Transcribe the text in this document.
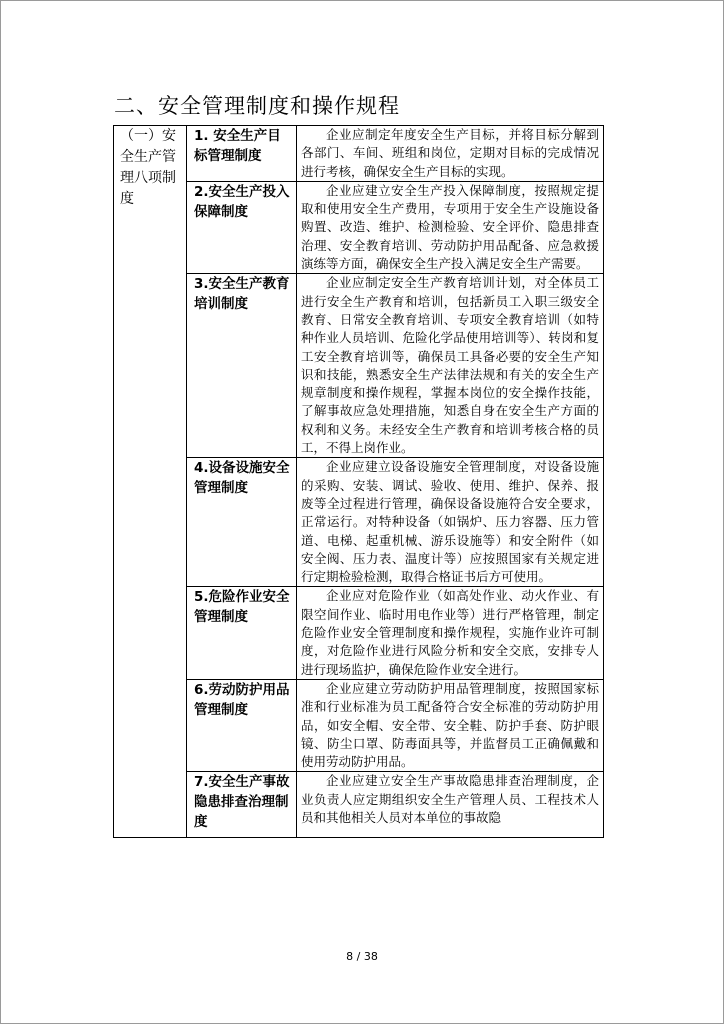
二、安全管理制度和操作规程
（一）安全生产管理八项制度	1. 安全生产目标管理制度	企业应制定年度安全生产目标，并将目标分解到各部门、车间、班组和岗位，定期对目标的完成情况进行考核，确保安全生产目标的实现。
	2.安全生产投入保障制度	企业应建立安全生产投入保障制度，按照规定提取和使用安全生产费用，专项用于安全生产设施设备购置、改造、维护、检测检验、安全评价、隐患排查治理、安全教育培训、劳动防护用品配备、应急救援演练等方面，确保安全生产投入满足安全生产需要。
	3.安全生产教育培训制度	企业应制定安全生产教育培训计划，对全体员工进行安全生产教育和培训，包括新员工入职三级安全教育、日常安全教育培训、专项安全教育培训（如特种作业人员培训、危险化学品使用培训等）、转岗和复工安全教育培训等，确保员工具备必要的安全生产知识和技能，熟悉安全生产法律法规和有关的安全生产规章制度和操作规程，掌握本岗位的安全操作技能，了解事故应急处理措施，知悉自身在安全生产方面的权利和义务。未经安全生产教育和培训考核合格的员工，不得上岗作业。
	4.设备设施安全管理制度	企业应建立设备设施安全管理制度，对设备设施的采购、安装、调试、验收、使用、维护、保养、报废等全过程进行管理，确保设备设施符合安全要求，正常运行。对特种设备（如锅炉、压力容器、压力管道、电梯、起重机械、游乐设施等）和安全附件（如安全阀、压力表、温度计等）应按照国家有关规定进行定期检验检测，取得合格证书后方可使用。
	5.危险作业安全管理制度	企业应对危险作业（如高处作业、动火作业、有限空间作业、临时用电作业等）进行严格管理，制定危险作业安全管理制度和操作规程，实施作业许可制度，对危险作业进行风险分析和安全交底，安排专人进行现场监护，确保危险作业安全进行。
	6.劳动防护用品管理制度	企业应建立劳动防护用品管理制度，按照国家标准和行业标准为员工配备符合安全标准的劳动防护用品，如安全帽、安全带、安全鞋、防护手套、防护眼镜、防尘口罩、防毒面具等，并监督员工正确佩戴和使用劳动防护用品。
	7.安全生产事故隐患排查治理制度	企业应建立安全生产事故隐患排查治理制度，企业负责人应定期组织安全生产管理人员、工程技术人员和其他相关人员对本单位的事故隐
8 / 38
